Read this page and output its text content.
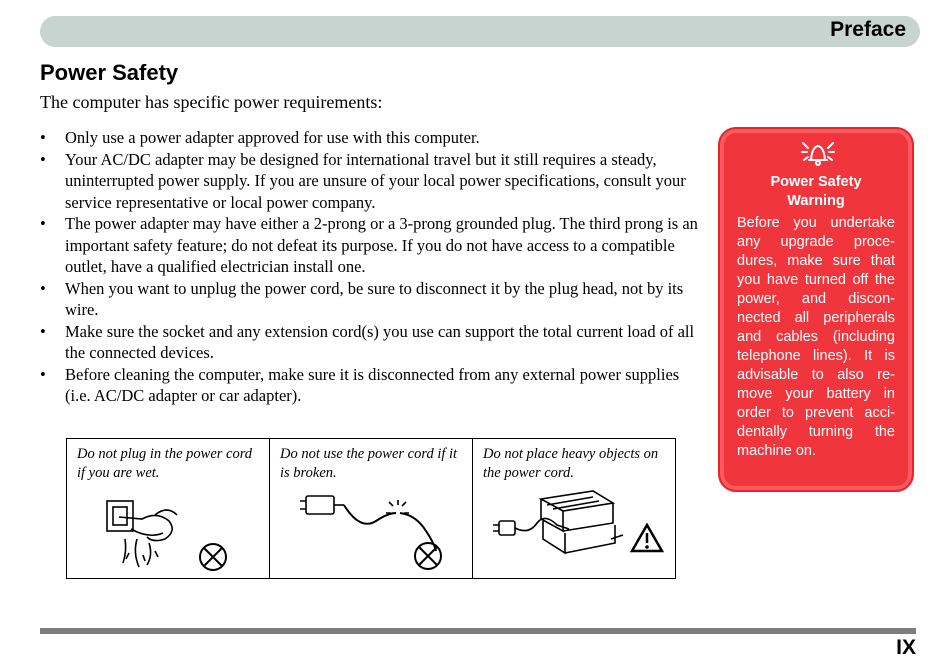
Preface
Power Safety

The computer has specific power requirements:

• Only use a power adapter approved for use with this computer.
• Your AC/DC adapter may be designed for international travel but it still requires a steady, uninterrupted power supply. If you are unsure of your local power specifications, consult your service representative or local power company.
• The power adapter may have either a 2-prong or a 3-prong grounded plug. The third prong is an important safety feature; do not defeat its purpose. If you do not have access to a compatible outlet, have a qualified electrician install one.
• When you want to unplug the power cord, be sure to disconnect it by the plug head, not by its wire.
• Make sure the socket and any extension cord(s) you use can support the total current load of all the connected devices.
• Before cleaning the computer, make sure it is disconnected from any external power supplies (i.e. AC/DC adapter or car adapter).
Power Safety
Warning

Before you undertake any upgrade proce-dures, make sure that you have turned off the power, and discon-nected all peripherals and cables (including telephone lines). It is advisable to also re-move your battery in order to prevent acci-dentally turning the machine on.

Do not plug in the power cord if you are wet.

Do not use the power cord if it is broken.

Do not place heavy objects on the power cord.
IX
